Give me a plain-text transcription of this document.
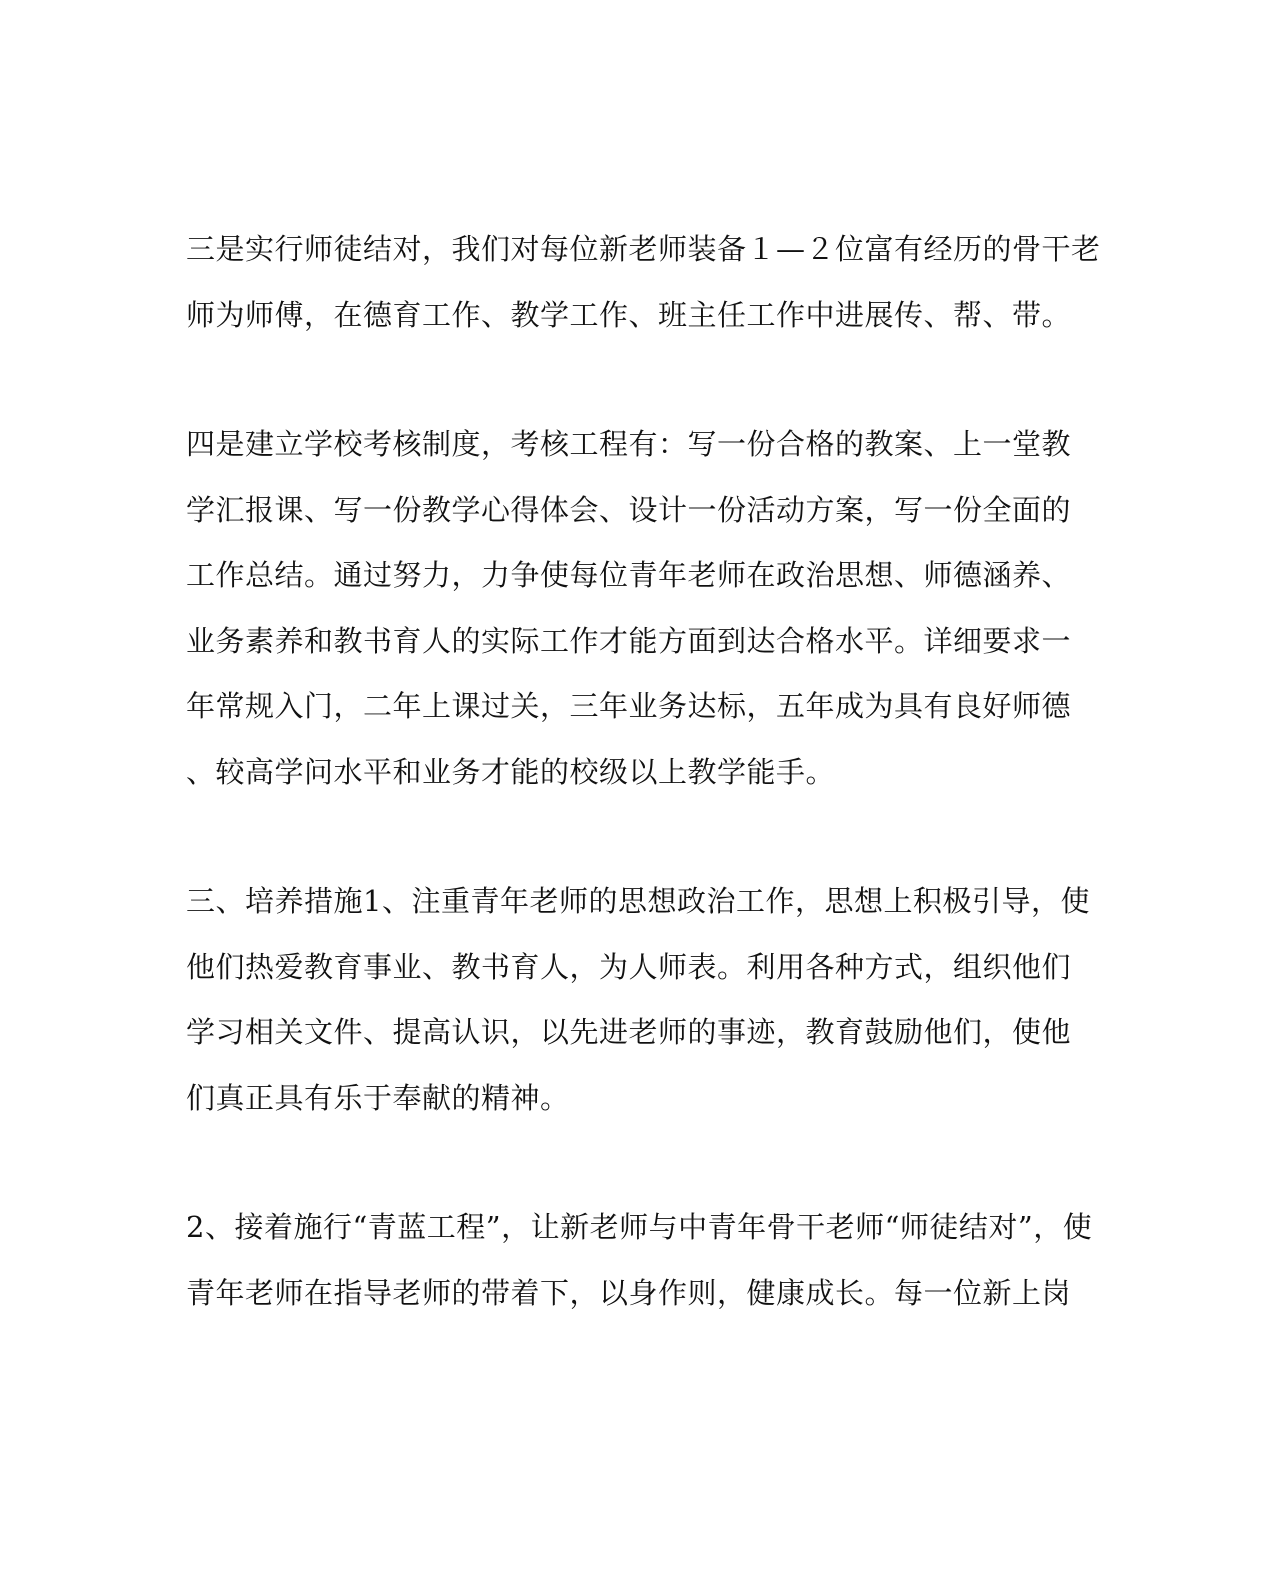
三是实行师徒结对，我们对每位新老师装备１—２位富有经历的骨干老
师为师傅，在德育工作、教学工作、班主任工作中进展传、帮、带。

四是建立学校考核制度，考核工程有：写一份合格的教案、上一堂教
学汇报课、写一份教学心得体会、设计一份活动方案，写一份全面的
工作总结。通过努力，力争使每位青年老师在政治思想、师德涵养、
业务素养和教书育人的实际工作才能方面到达合格水平。详细要求一
年常规入门，二年上课过关，三年业务达标，五年成为具有良好师德
、较高学问水平和业务才能的校级以上教学能手。

三、培养措施1、注重青年老师的思想政治工作，思想上积极引导，使
他们热爱教育事业、教书育人，为人师表。利用各种方式，组织他们
学习相关文件、提高认识，以先进老师的事迹，教育鼓励他们，使他
们真正具有乐于奉献的精神。

2、接着施行“青蓝工程”，让新老师与中青年骨干老师“师徒结对”，使
青年老师在指导老师的带着下，以身作则，健康成长。每一位新上岗
